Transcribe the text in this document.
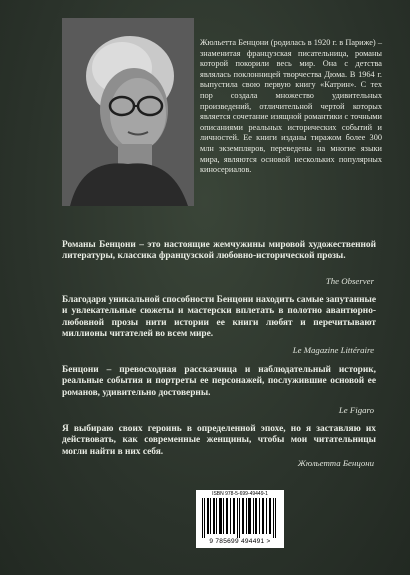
Жюльетта Бенцони (родилась в 1920 г. в Париже) – знаменитая французская писательница, романы которой покорили весь мир. Она с детства являлась поклонницей творчества Дюма. В 1964 г. выпустила свою первую книгу «Катрин». С тех пор создала множество удивительных произведений, отличительной чертой которых является сочетание изящной романтики с точными описаниями реальных исторических событий и личностей. Ее книги изданы тиражом более 300 млн экземпляров, переведены на многие языки мира, являются основой нескольких популярных киносериалов.
Романы Бенцони – это настоящие жемчужины мировой художественной литературы, классика французской любовно-исторической прозы.
The Observer
Благодаря уникальной способности Бенцони находить самые запутанные и увлекательные сюжеты и мастерски вплетать в полотно авантюрно-любовной прозы нити истории ее книги любят и перечитывают миллионы читателей во всем мире.
Le Magazine Littéraire
Бенцони – превосходная рассказчица и наблюдательный историк, реальные события и портреты ее персонажей, послужившие основой ее романов, удивительно достоверны.
Le Figaro
Я выбираю своих героинь в определенной эпохе, но я заставляю их действовать, как современные женщины, чтобы мои читательницы могли найти в них себя.
Жюльетта Бенцони
ISBN 978-5-699-49449-1
9 785699 494491 >
